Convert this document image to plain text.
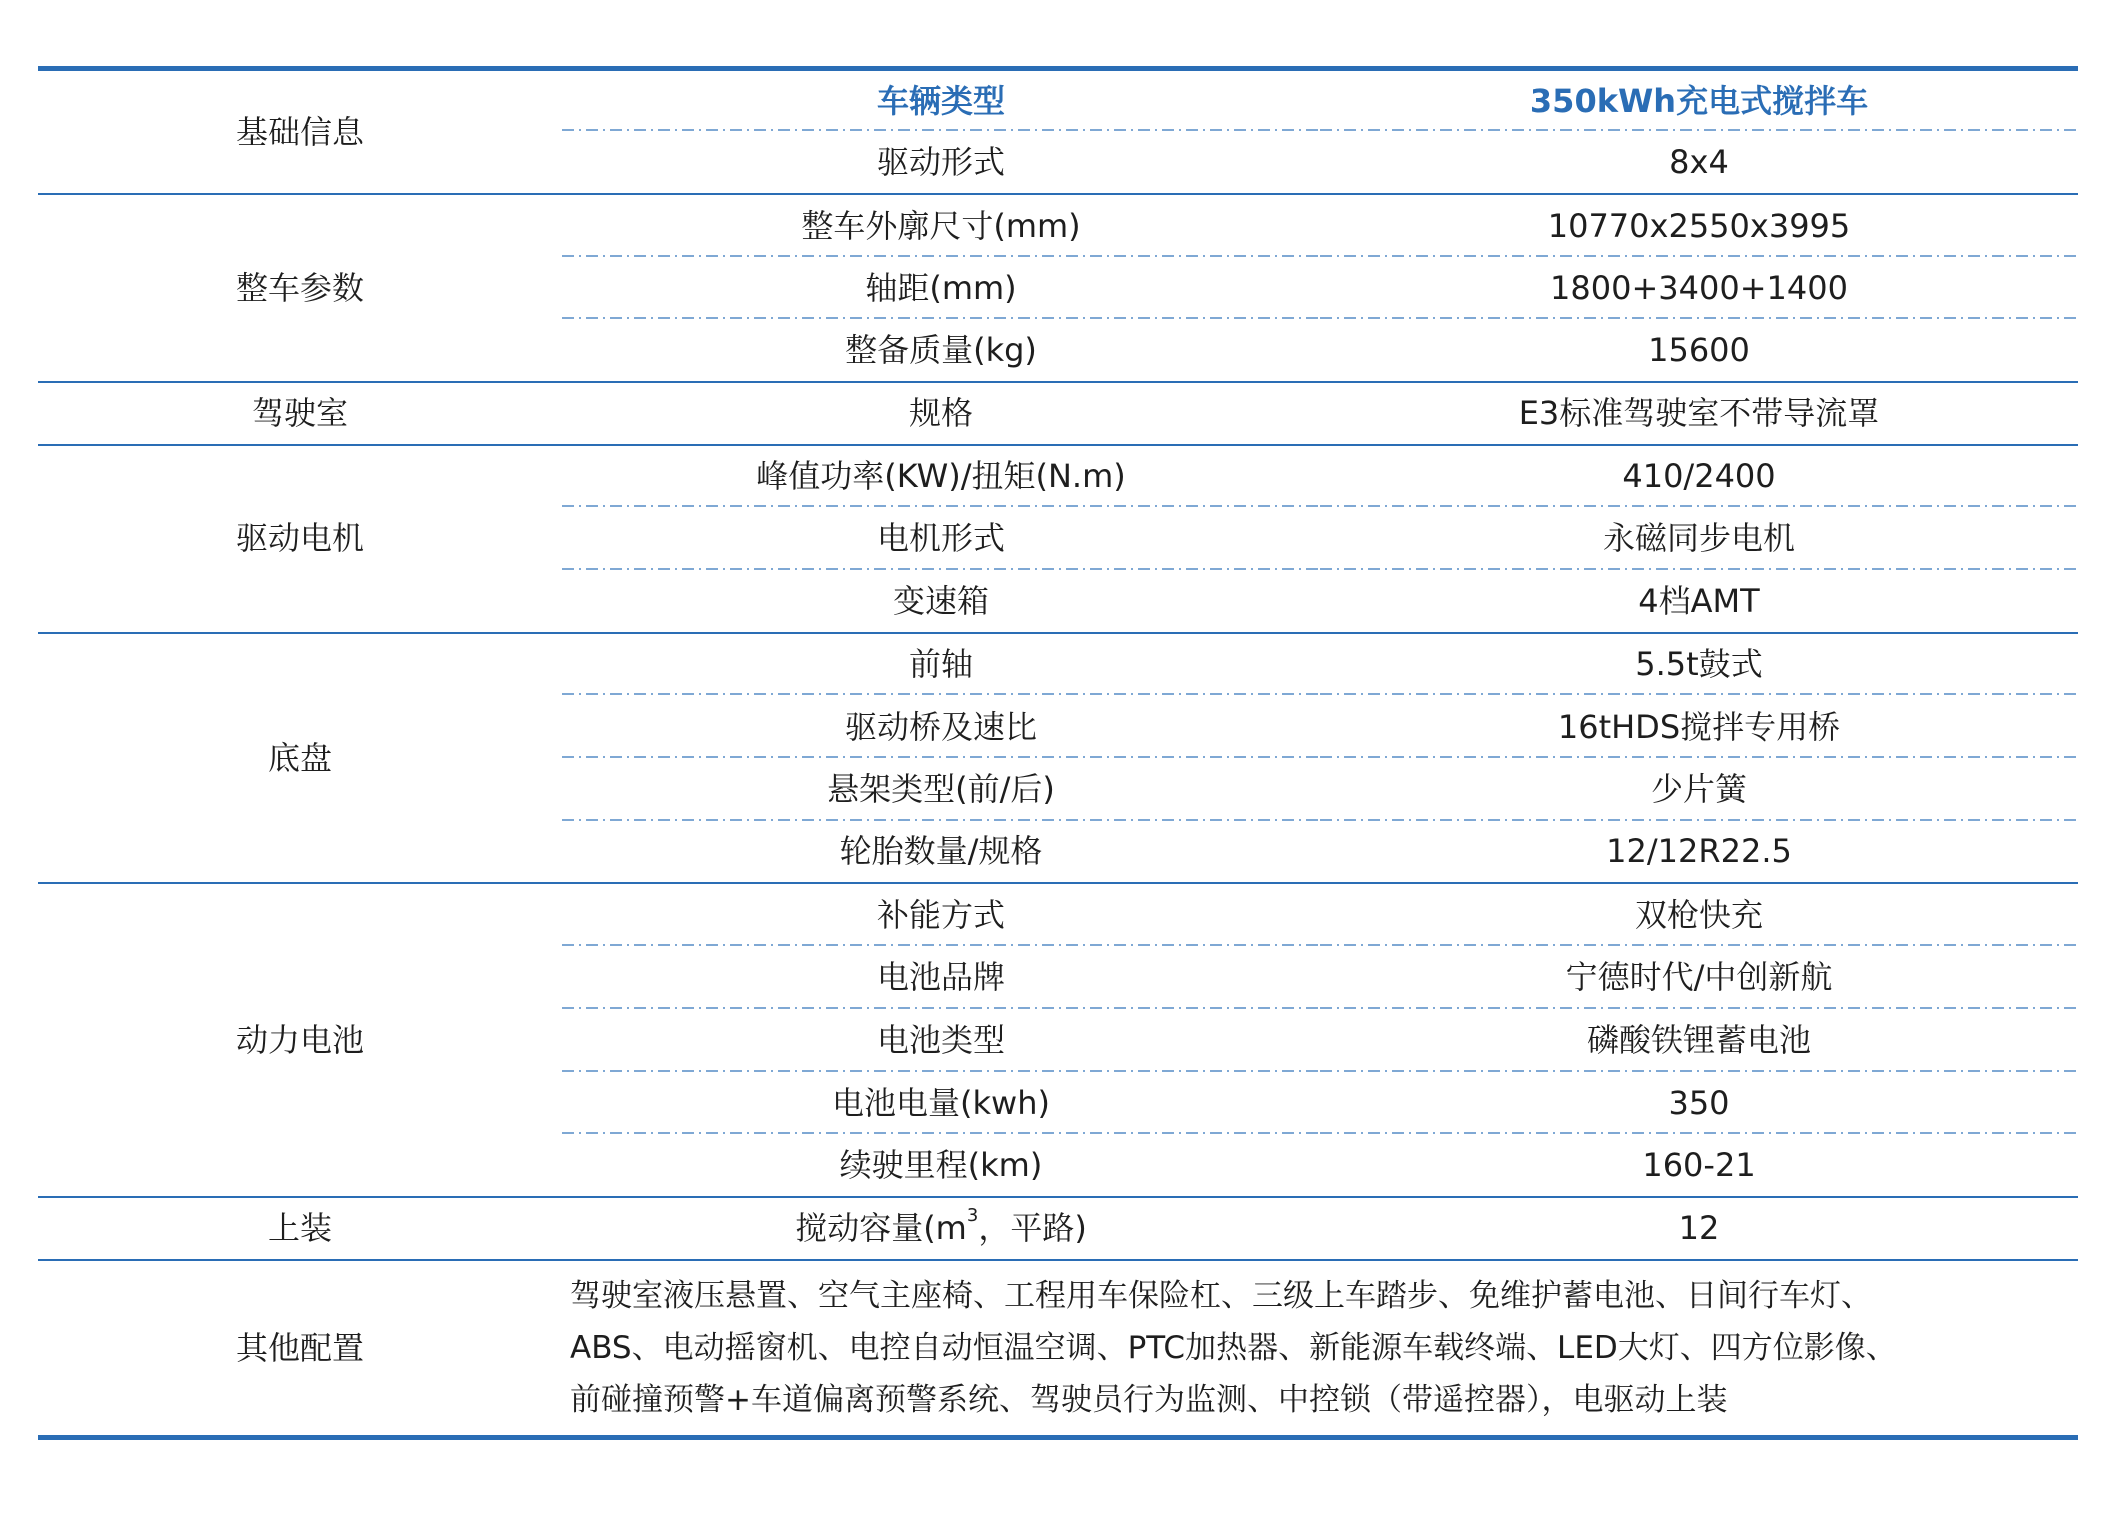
基础信息	车辆类型	350kWh充电式搅拌车
	驱动形式	8x4
整车参数	整车外廓尺寸(mm)	10770x2550x3995
	轴距(mm)	1800+3400+1400
	整备质量(kg)	15600
驾驶室	规格	E3标准驾驶室不带导流罩
驱动电机	峰值功率(KW)/扭矩(N.m)	410/2400
	电机形式	永磁同步电机
	变速箱	4档AMT
底盘	前轴	5.5t鼓式
	驱动桥及速比	16tHDS搅拌专用桥
	悬架类型(前/后)	少片簧
	轮胎数量/规格	12/12R22.5
动力电池	补能方式	双枪快充
	电池品牌	宁德时代/中创新航
	电池类型	磷酸铁锂蓄电池
	电池电量(kwh)	350
	续驶里程(km)	160-21
上装	搅动容量($m^3$，平路)	12
其他配置	驾驶室液压悬置、空气主座椅、工程用车保险杠、三级上车踏步、免维护蓄电池、日间行车灯、
ABS、电动摇窗机、电控自动恒温空调、PTC加热器、新能源车载终端、LED大灯、四方位影像、
前碰撞预警+车道偏离预警系统、驾驶员行为监测、中控锁（带遥控器），电驱动上装	
